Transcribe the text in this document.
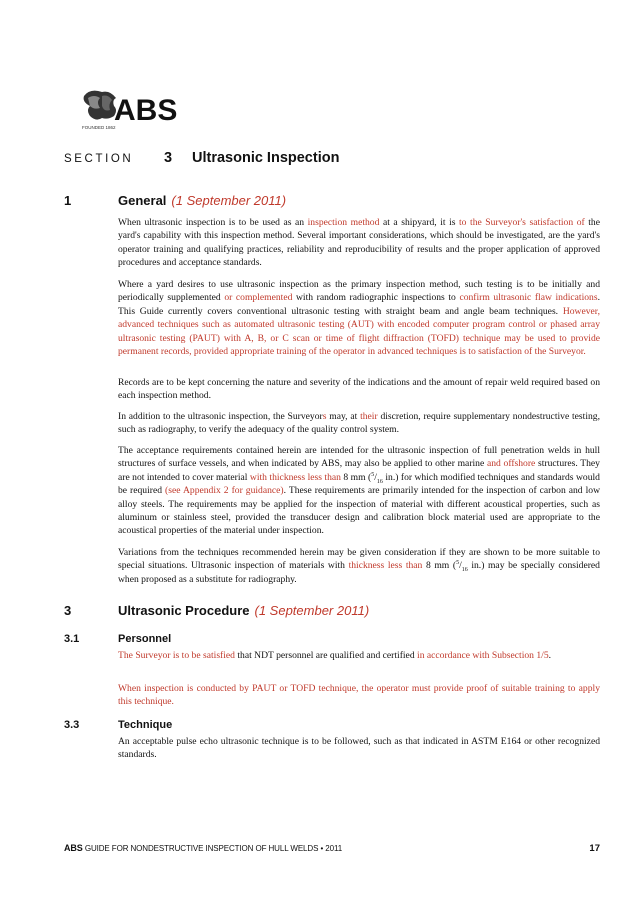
ABS
FOUNDED 1862
SECTION	3	Ultrasonic Inspection
1	General (1 September 2011)

When ultrasonic inspection is to be used as an inspection method at a shipyard, it is to the Surveyor's satisfaction of the yard's capability with this inspection method. Several important considerations, which should be investigated, are the yard's operator training and qualifying practices, reliability and reproducibility of results and the proper application of approved procedures and acceptance standards.

Where a yard desires to use ultrasonic inspection as the primary inspection method, such testing is to be initially and periodically supplemented or complemented with random radiographic inspections to confirm ultrasonic flaw indications. This Guide currently covers conventional ultrasonic testing with straight beam and angle beam techniques. However, advanced techniques such as automated ultrasonic testing (AUT) with encoded computer program control or phased array ultrasonic testing (PAUT) with A, B, or C scan or time of flight diffraction (TOFD) technique may be used to provide permanent records, provided appropriate training of the operator in advanced techniques is to satisfaction of the Surveyor.

Records are to be kept concerning the nature and severity of the indications and the amount of repair weld required based on each inspection method.

In addition to the ultrasonic inspection, the Surveyors may, at their discretion, require supplementary nondestructive testing, such as radiography, to verify the adequacy of the quality control system.

The acceptance requirements contained herein are intended for the ultrasonic inspection of full penetration welds in hull structures of surface vessels, and when indicated by ABS, may also be applied to other marine and offshore structures. They are not intended to cover material with thickness less than 8 mm ($^5/_{16}$ in.) for which modified techniques and standards would be required (see Appendix 2 for guidance). These requirements are primarily intended for the inspection of carbon and low alloy steels. The requirements may be applied for the inspection of material with different acoustical properties, such as aluminum or stainless steel, provided the transducer design and calibration block material used are appropriate to the acoustical properties of the material under inspection.

Variations from the techniques recommended herein may be given consideration if they are shown to be more suitable to special situations. Ultrasonic inspection of materials with thickness less than 8 mm ($^5/_{16}$ in.) may be specially considered when proposed as a substitute for radiography.

3	Ultrasonic Procedure (1 September 2011)
3.1	Personnel

The Surveyor is to be satisfied that NDT personnel are qualified and certified in accordance with Subsection 1/5.

When inspection is conducted by PAUT or TOFD technique, the operator must provide proof of suitable training to apply this technique.

3.3	Technique

An acceptable pulse echo ultrasonic technique is to be followed, such as that indicated in ASTM E164 or other recognized standards.

ABS GUIDE FOR NONDESTRUCTIVE INSPECTION OF HULL WELDS • 2011	17
